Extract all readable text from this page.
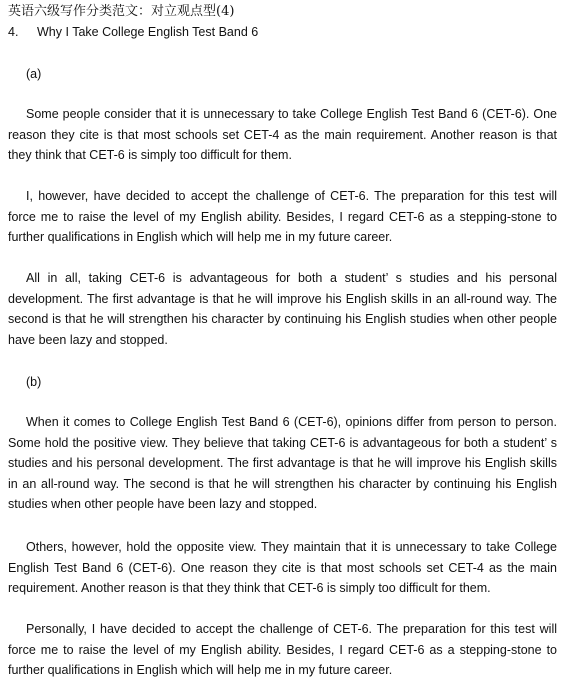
英语六级写作分类范文：对立观点型(4)
4. Why I Take College English Test Band 6
(a)

Some people consider that it is unnecessary to take College English Test Band 6 (CET-6). One reason they cite is that most schools set CET-4 as the main requirement. Another reason is that they think that CET-6 is simply too difficult for them.

I, however, have decided to accept the challenge of CET-6. The preparation for this test will force me to raise the level of my English ability. Besides, I regard CET-6 as a stepping-stone to further qualifications in English which will help me in my future career.

All in all, taking CET-6 is advantageous for both a student’ s studies and his personal development. The first advantage is that he will improve his English skills in an all-round way. The second is that he will strengthen his character by continuing his English studies when other people have been lazy and stopped.

(b)

When it comes to College English Test Band 6 (CET-6), opinions differ from person to person. Some hold the positive view. They believe that taking CET-6 is advantageous for both a student’ s studies and his personal development. The first advantage is that he will improve his English skills in an all-round way. The second is that he will strengthen his character by continuing his English studies when other people have been lazy and stopped.

Others, however, hold the opposite view. They maintain that it is unnecessary to take College English Test Band 6 (CET-6). One reason they cite is that most schools set CET-4 as the main requirement. Another reason is that they think that CET-6 is simply too difficult for them.

Personally, I have decided to accept the challenge of CET-6. The preparation for this test will force me to raise the level of my English ability. Besides, I regard CET-6 as a stepping-stone to further qualifications in English which will help me in my future career.
